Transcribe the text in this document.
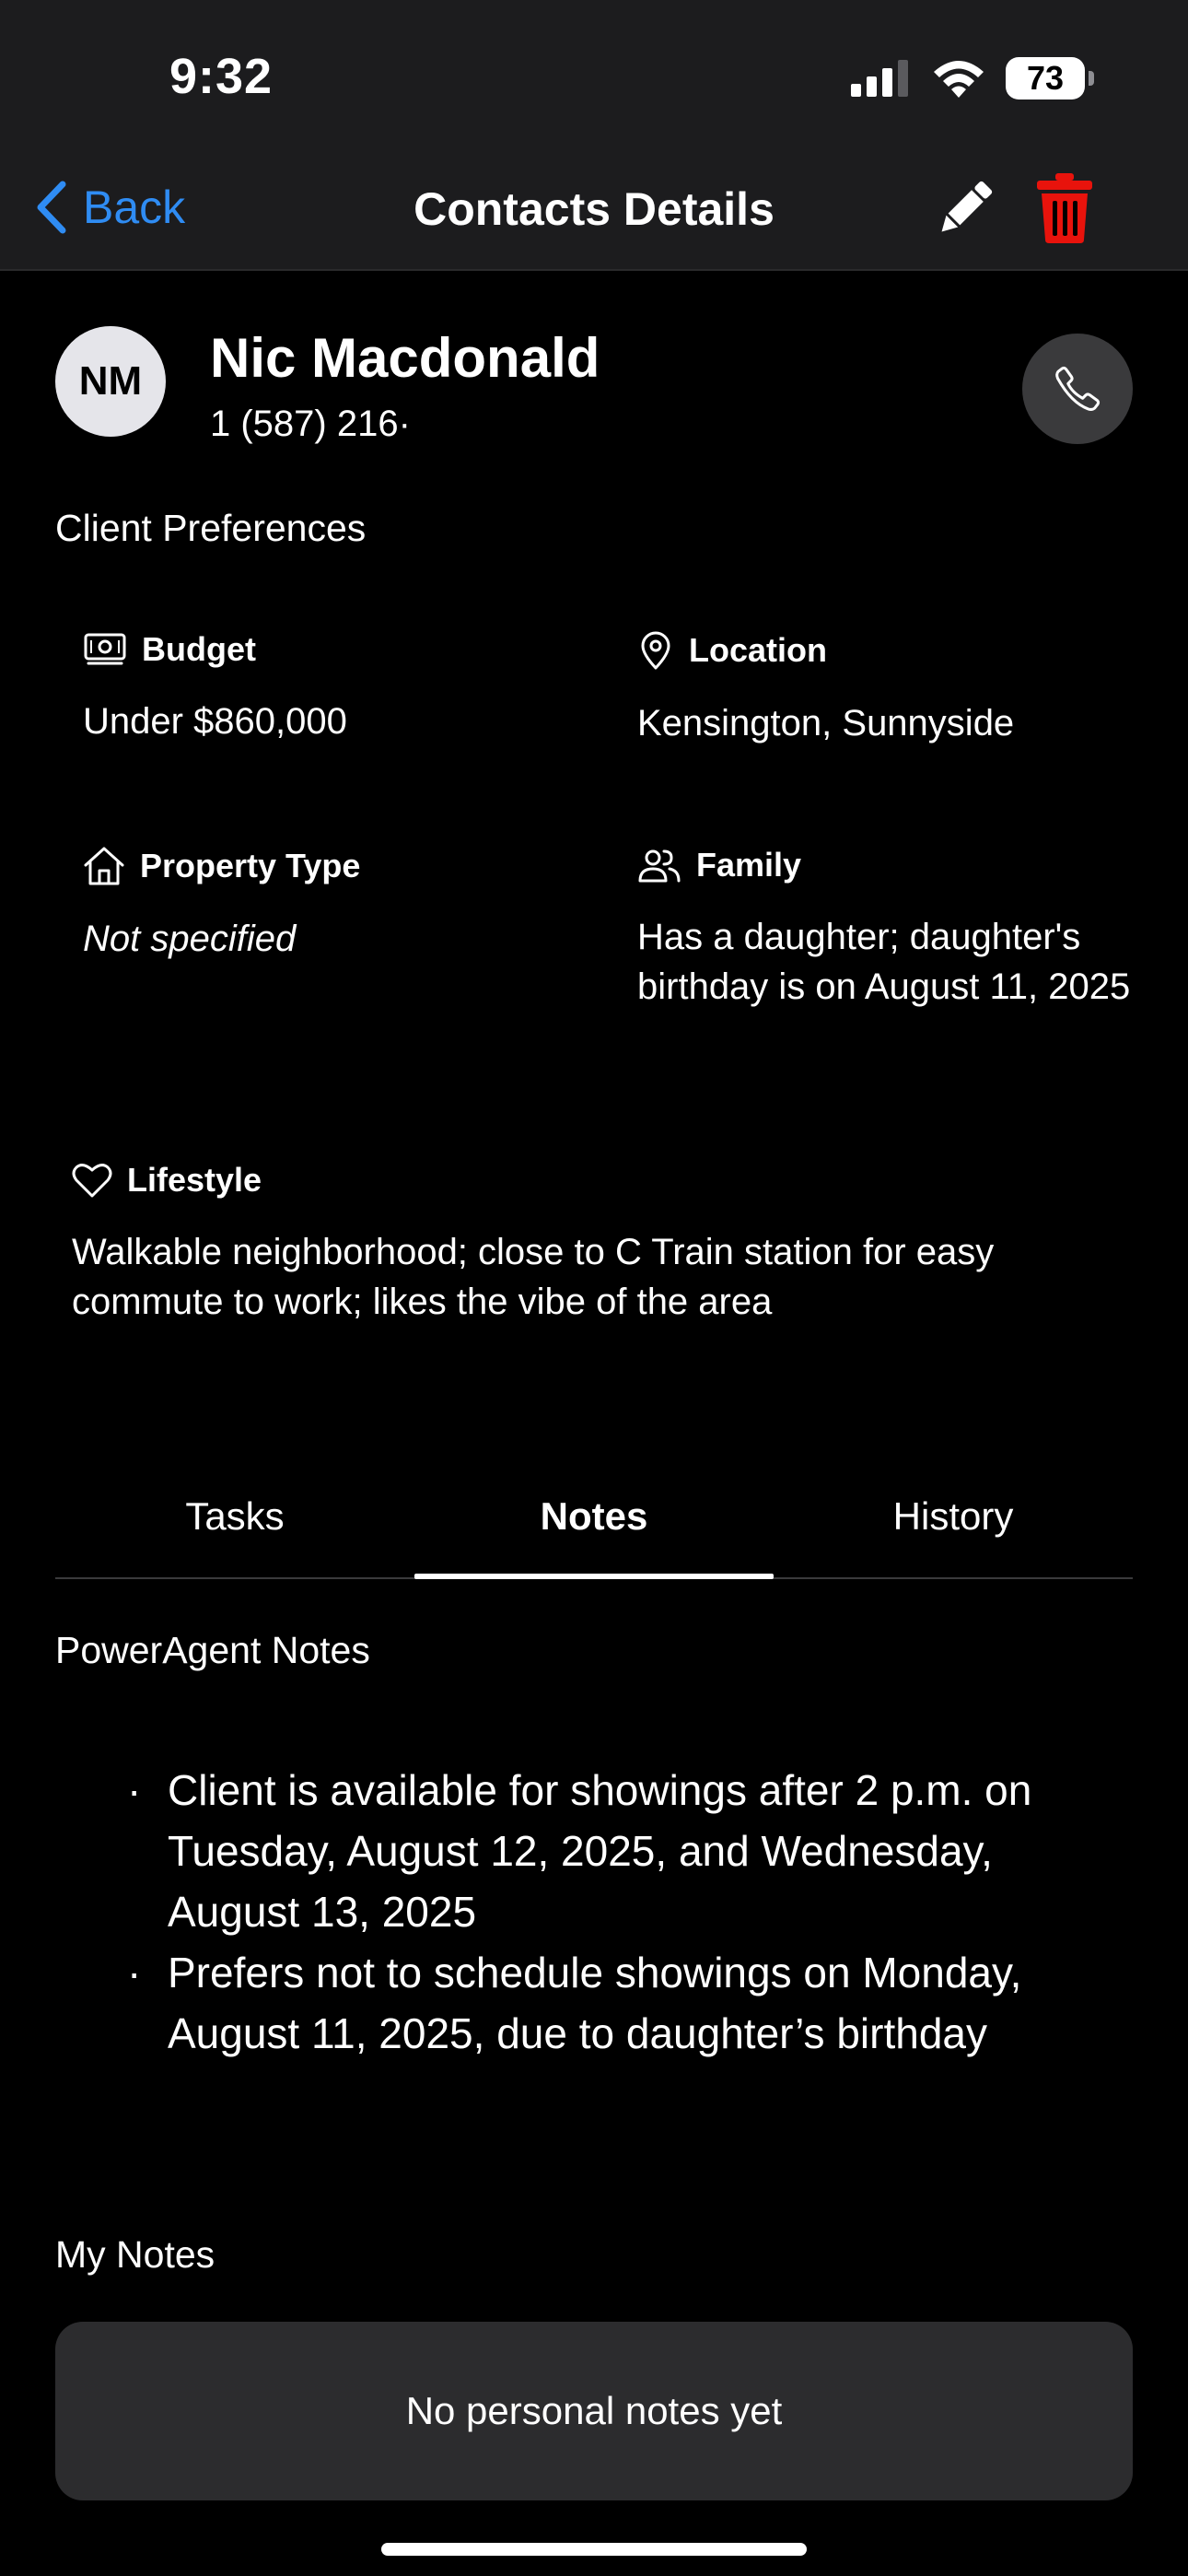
9:32	73
Back	Contacts Details
NM	Nic Macdonald
1 (587) 216·
Client Preferences
Budget
Under $860,000
Location
Kensington, Sunnyside
Property Type
Not specified
Family
Has a daughter; daughter's birthday is on August 11, 2025
Lifestyle
Walkable neighborhood; close to C Train station for easy commute to work; likes the vibe of the area
Tasks	Notes	History
PowerAgent Notes
· Client is available for showings after 2 p.m. on Tuesday, August 12, 2025, and Wednesday, August 13, 2025
· Prefers not to schedule showings on Monday, August 11, 2025, due to daughter’s birthday
My Notes
No personal notes yet
